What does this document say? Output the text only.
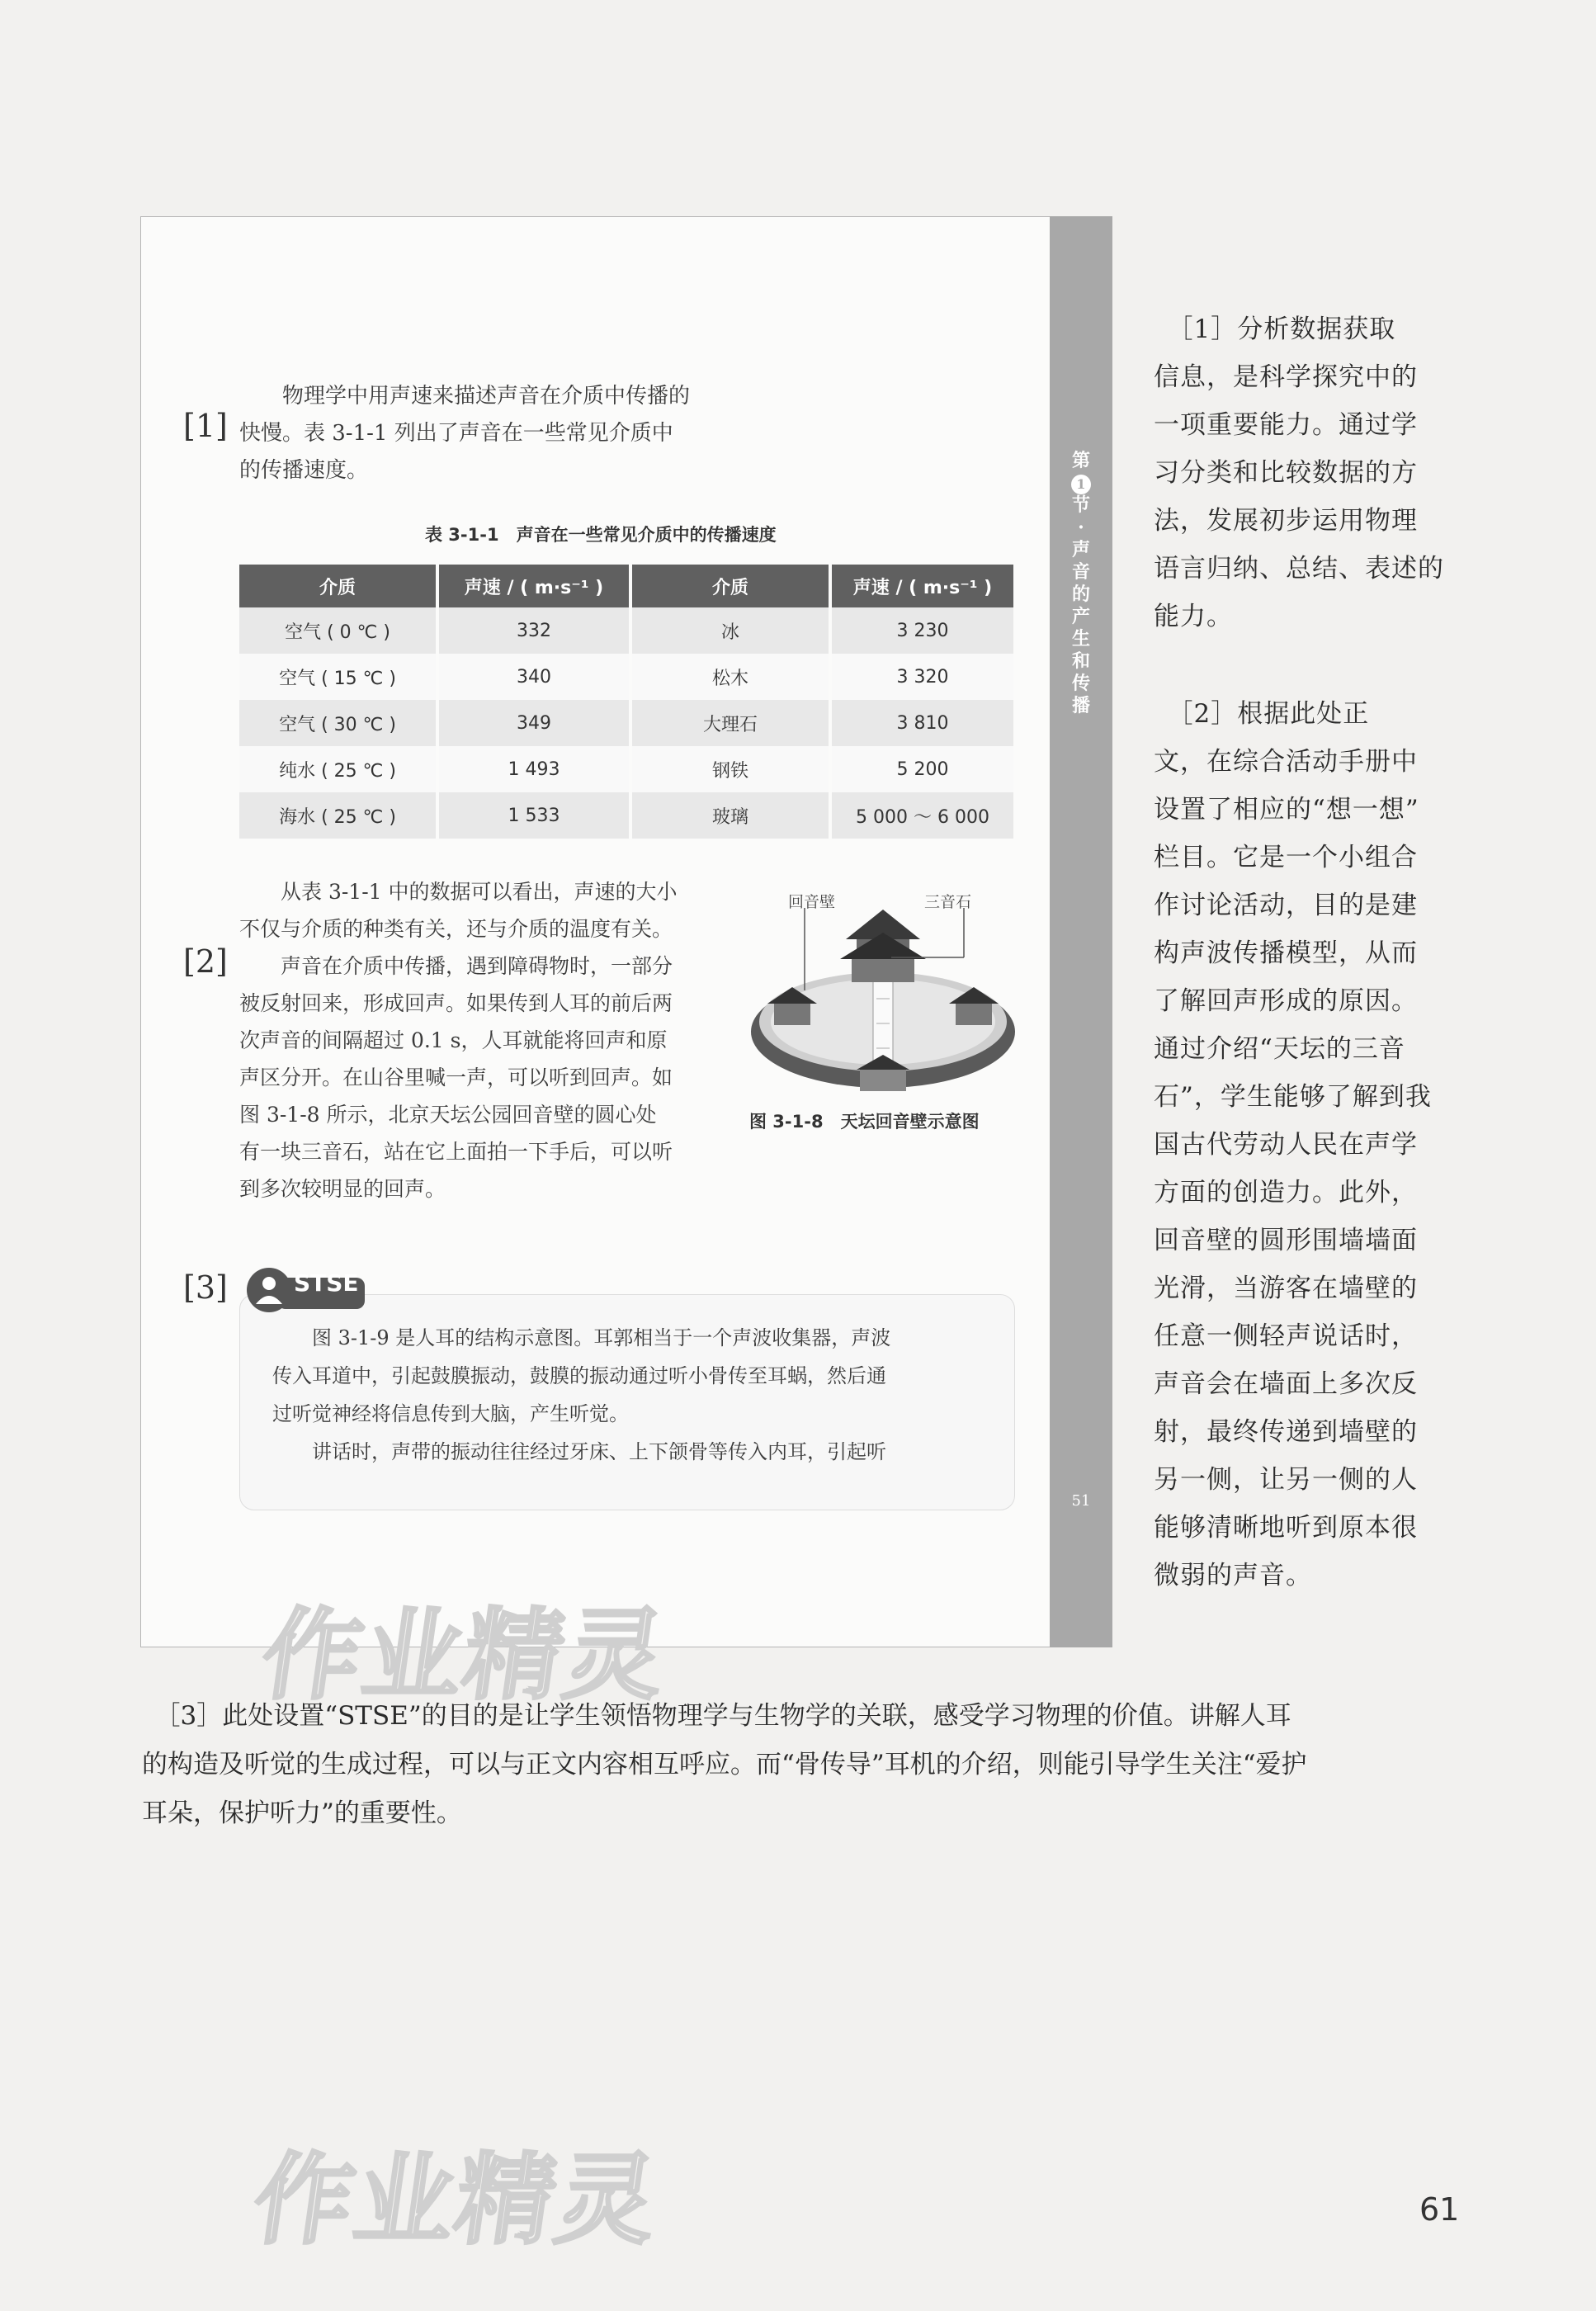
第
1
节
·
声
音
的
产
生
和
传
播
51
[1]
[2]
[3]

物理学中用声速来描述声音在介质中传播的

快慢。表 3-1-1 列出了声音在一些常见介质中

的传播速度。

表 3-1-1　声音在一些常见介质中的传播速度
介质	声速 / ( m·s⁻¹ )	介质	声速 / ( m·s⁻¹ )
空气 ( 0 ℃ )	332	冰	3 230
空气 ( 15 ℃ )	340	松木	3 320
空气 ( 30 ℃ )	349	大理石	3 810
纯水 ( 25 ℃ )	1 493	钢铁	5 200
海水 ( 25 ℃ )	1 533	玻璃	5 000 ～ 6 000

　　从表 3-1-1 中的数据可以看出，声速的大小

不仅与介质的种类有关，还与介质的温度有关。

　　声音在介质中传播，遇到障碍物时，一部分

被反射回来，形成回声。如果传到人耳的前后两

次声音的间隔超过 0.1 s，人耳就能将回声和原

声区分开。在山谷里喊一声，可以听到回声。如

图 3-1-8 所示，北京天坛公园回音壁的圆心处

有一块三音石，站在它上面拍一下手后，可以听

到多次较明显的回声。

回音壁	三音石
图 3-1-8　天坛回音壁示意图
STSE
　　图 3-1-9 是人耳的结构示意图。耳郭相当于一个声波收集器，声波
传入耳道中，引起鼓膜振动，鼓膜的振动通过听小骨传至耳蜗，然后通
过听觉神经将信息传到大脑，产生听觉。
　　讲话时，声带的振动往往经过牙床、上下颌骨等传入内耳，引起听
作业精灵
　［1］分析数据获取
信息，是科学探究中的
一项重要能力。通过学
习分类和比较数据的方
法，发展初步运用物理
语言归纳、总结、表述的
能力。
　［2］根据此处正
文，在综合活动手册中
设置了相应的“想一想”
栏目。它是一个小组合
作讨论活动，目的是建
构声波传播模型，从而
了解回声形成的原因。
通过介绍“天坛的三音
石”，学生能够了解到我
国古代劳动人民在声学
方面的创造力。此外，
回音壁的圆形围墙墙面
光滑，当游客在墙壁的
任意一侧轻声说话时，
声音会在墙面上多次反
射，最终传递到墙壁的
另一侧，让另一侧的人
能够清晰地听到原本很
微弱的声音。
　［3］此处设置“STSE”的目的是让学生领悟物理学与生物学的关联，感受学习物理的价值。讲解人耳
的构造及听觉的生成过程，可以与正文内容相互呼应。而“骨传导”耳机的介绍，则能引导学生关注“爱护
耳朵，保护听力”的重要性。
作业精灵	61
